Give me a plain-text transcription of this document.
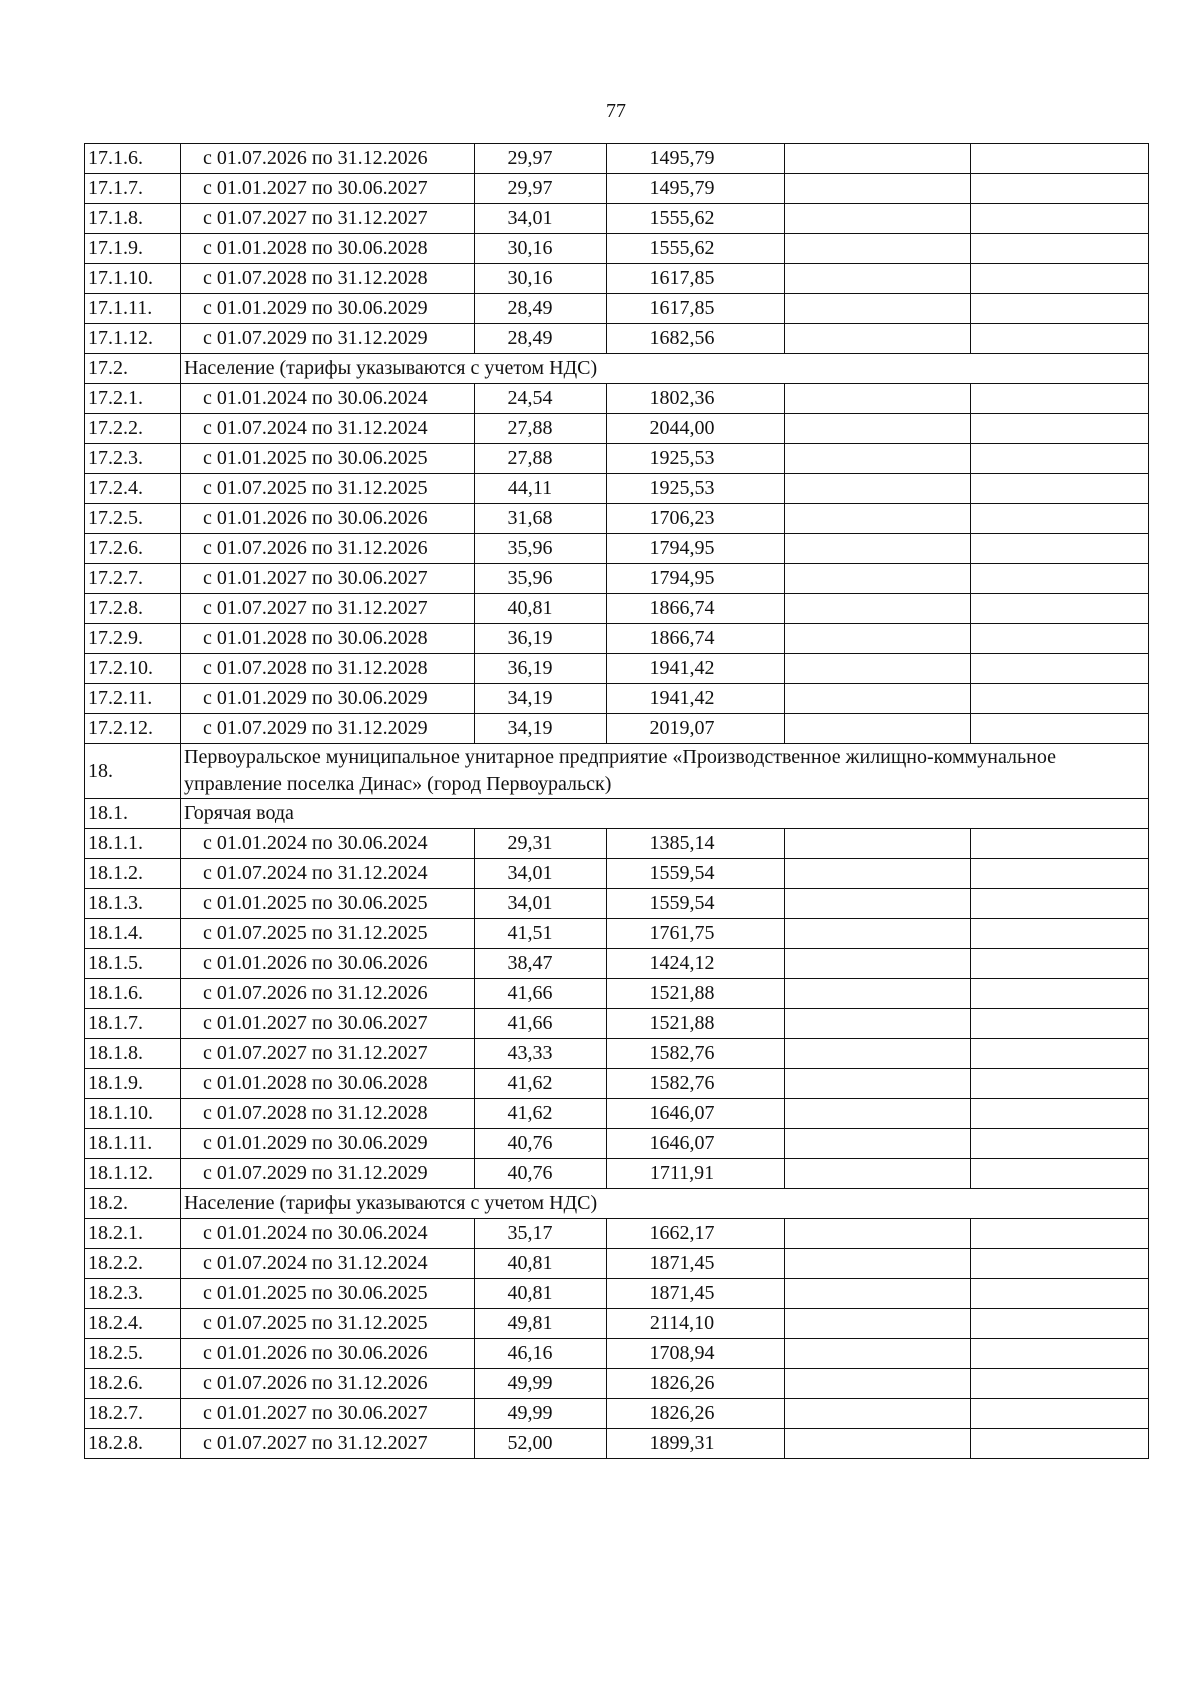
77
17.1.6.	с 01.07.2026 по 31.12.2026	29,97	1495,79		
17.1.7.	с 01.01.2027 по 30.06.2027	29,97	1495,79		
17.1.8.	с 01.07.2027 по 31.12.2027	34,01	1555,62		
17.1.9.	с 01.01.2028 по 30.06.2028	30,16	1555,62		
17.1.10.	с 01.07.2028 по 31.12.2028	30,16	1617,85		
17.1.11.	с 01.01.2029 по 30.06.2029	28,49	1617,85		
17.1.12.	с 01.07.2029 по 31.12.2029	28,49	1682,56		
17.2.	Население (тарифы указываются с учетом НДС)				
17.2.1.	с 01.01.2024 по 30.06.2024	24,54	1802,36		
17.2.2.	с 01.07.2024 по 31.12.2024	27,88	2044,00		
17.2.3.	с 01.01.2025 по 30.06.2025	27,88	1925,53		
17.2.4.	с 01.07.2025 по 31.12.2025	44,11	1925,53		
17.2.5.	с 01.01.2026 по 30.06.2026	31,68	1706,23		
17.2.6.	с 01.07.2026 по 31.12.2026	35,96	1794,95		
17.2.7.	с 01.01.2027 по 30.06.2027	35,96	1794,95		
17.2.8.	с 01.07.2027 по 31.12.2027	40,81	1866,74		
17.2.9.	с 01.01.2028 по 30.06.2028	36,19	1866,74		
17.2.10.	с 01.07.2028 по 31.12.2028	36,19	1941,42		
17.2.11.	с 01.01.2029 по 30.06.2029	34,19	1941,42		
17.2.12.	с 01.07.2029 по 31.12.2029	34,19	2019,07		
18.	Первоуральское муниципальное унитарное предприятие «Производственное жилищно-коммунальное управление поселка Динас» (город Первоуральск)				
18.1.	Горячая вода				
18.1.1.	с 01.01.2024 по 30.06.2024	29,31	1385,14		
18.1.2.	с 01.07.2024 по 31.12.2024	34,01	1559,54		
18.1.3.	с 01.01.2025 по 30.06.2025	34,01	1559,54		
18.1.4.	с 01.07.2025 по 31.12.2025	41,51	1761,75		
18.1.5.	с 01.01.2026 по 30.06.2026	38,47	1424,12		
18.1.6.	с 01.07.2026 по 31.12.2026	41,66	1521,88		
18.1.7.	с 01.01.2027 по 30.06.2027	41,66	1521,88		
18.1.8.	с 01.07.2027 по 31.12.2027	43,33	1582,76		
18.1.9.	с 01.01.2028 по 30.06.2028	41,62	1582,76		
18.1.10.	с 01.07.2028 по 31.12.2028	41,62	1646,07		
18.1.11.	с 01.01.2029 по 30.06.2029	40,76	1646,07		
18.1.12.	с 01.07.2029 по 31.12.2029	40,76	1711,91		
18.2.	Население (тарифы указываются с учетом НДС)				
18.2.1.	с 01.01.2024 по 30.06.2024	35,17	1662,17		
18.2.2.	с 01.07.2024 по 31.12.2024	40,81	1871,45		
18.2.3.	с 01.01.2025 по 30.06.2025	40,81	1871,45		
18.2.4.	с 01.07.2025 по 31.12.2025	49,81	2114,10		
18.2.5.	с 01.01.2026 по 30.06.2026	46,16	1708,94		
18.2.6.	с 01.07.2026 по 31.12.2026	49,99	1826,26		
18.2.7.	с 01.01.2027 по 30.06.2027	49,99	1826,26		
18.2.8.	с 01.07.2027 по 31.12.2027	52,00	1899,31		
